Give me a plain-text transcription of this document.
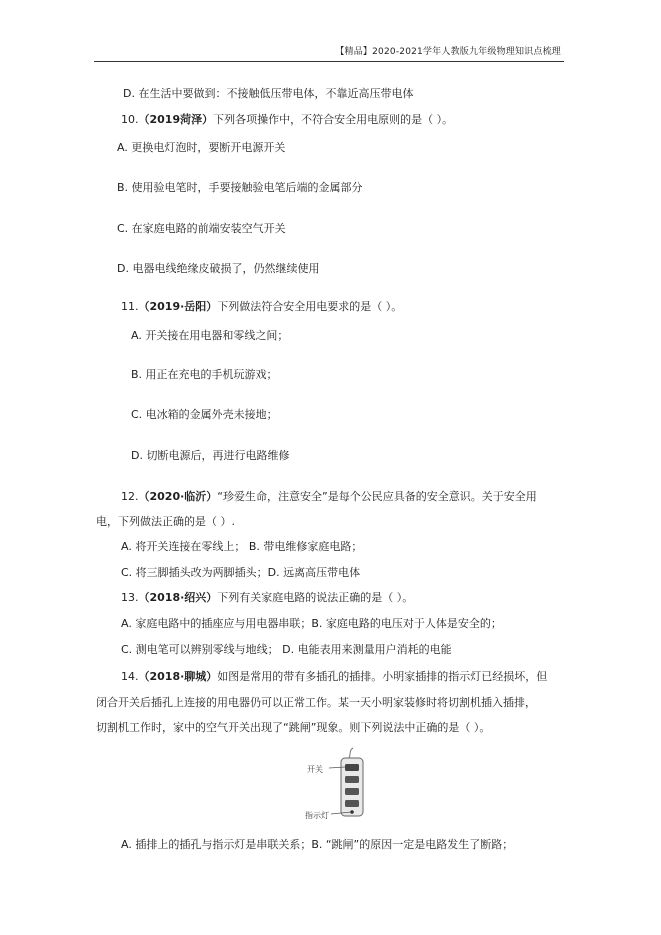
【精品】2020-2021学年人教版九年级物理知识点梳理
D. 在生活中要做到：不接触低压带电体，不靠近高压带电体
10.（2019菏泽）下列各项操作中，不符合安全用电原则的是（ ）。
A. 更换电灯泡时，要断开电源开关
B. 使用验电笔时，手要接触验电笔后端的金属部分
C. 在家庭电路的前端安装空气开关
D. 电器电线绝缘皮破损了，仍然继续使用
11.（2019·岳阳）下列做法符合安全用电要求的是（ ）。
A. 开关接在用电器和零线之间；
B. 用正在充电的手机玩游戏；
C. 电冰箱的金属外壳未接地；
D. 切断电源后，再进行电路维修
12.（2020·临沂）“珍爱生命，注意安全”是每个公民应具备的安全意识。关于安全用
电，下列做法正确的是（ ）.
A. 将开关连接在零线上； B. 带电维修家庭电路；
C. 将三脚插头改为两脚插头；D. 远离高压带电体
13.（2018·绍兴）下列有关家庭电路的说法正确的是（ ）。
A. 家庭电路中的插座应与用电器串联；B. 家庭电路的电压对于人体是安全的；
C. 测电笔可以辨别零线与地线； D. 电能表用来测量用户消耗的电能
14.（2018·聊城）如图是常用的带有多插孔的插排。小明家插排的指示灯已经损坏，但
闭合开关后插孔上连接的用电器仍可以正常工作。某一天小明家装修时将切割机插入插排，
切割机工作时，家中的空气开关出现了“跳闸”现象。则下列说法中正确的是（ ）。
开关
指示灯
A. 插排上的插孔与指示灯是串联关系；B. “跳闸”的原因一定是电路发生了断路；
